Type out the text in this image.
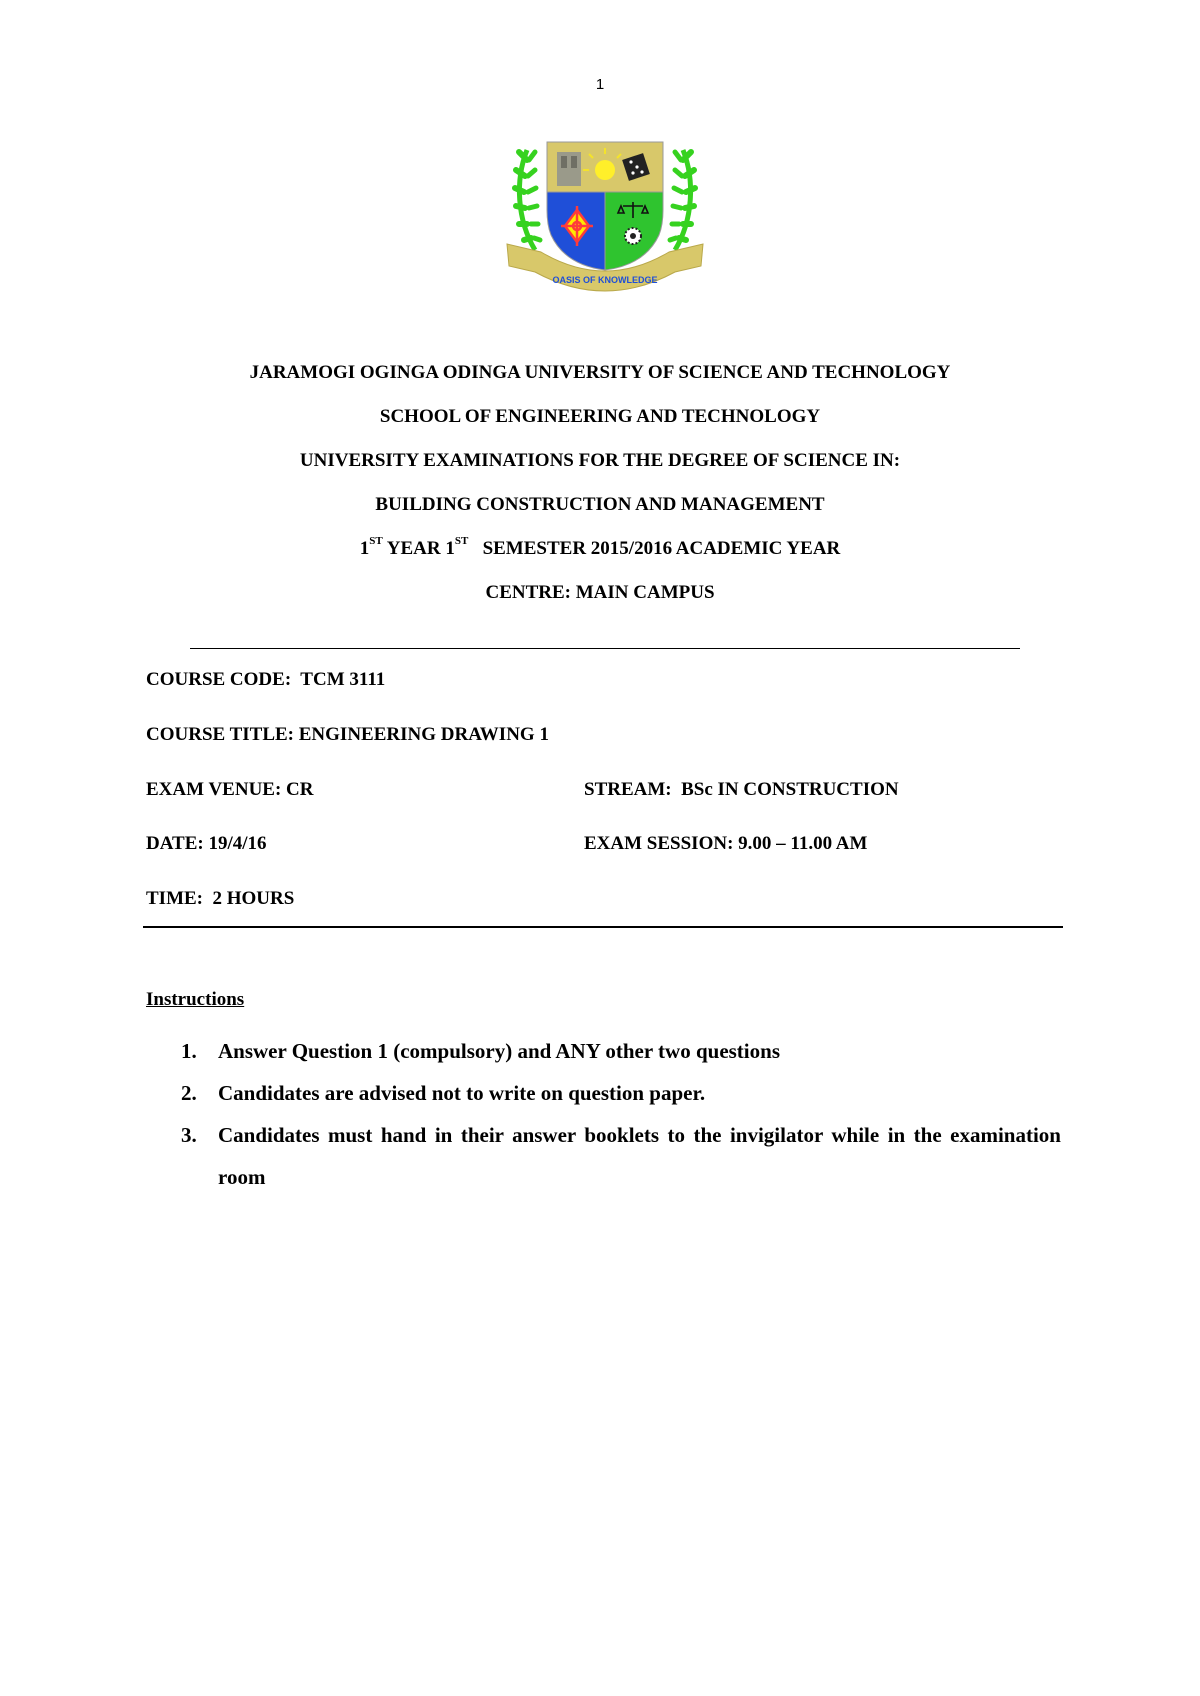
1
OASIS OF KNOWLEDGE
JARAMOGI OGINGA ODINGA UNIVERSITY OF SCIENCE AND TECHNOLOGY
SCHOOL OF ENGINEERING AND TECHNOLOGY
UNIVERSITY EXAMINATIONS FOR THE DEGREE OF SCIENCE IN:
BUILDING CONSTRUCTION AND MANAGEMENT
1ST YEAR 1ST   SEMESTER 2015/2016 ACADEMIC YEAR
CENTRE: MAIN CAMPUS
COURSE CODE:  TCM 3111
COURSE TITLE: ENGINEERING DRAWING 1
EXAM VENUE: CR	STREAM:  BSc IN CONSTRUCTION
DATE: 19/4/16	EXAM SESSION: 9.00 – 11.00 AM
TIME:  2 HOURS
Instructions
1. Answer Question 1 (compulsory) and ANY other two questions
2. Candidates are advised not to write on question paper.
3. Candidates must hand in their answer booklets to the invigilator while in the examination room
